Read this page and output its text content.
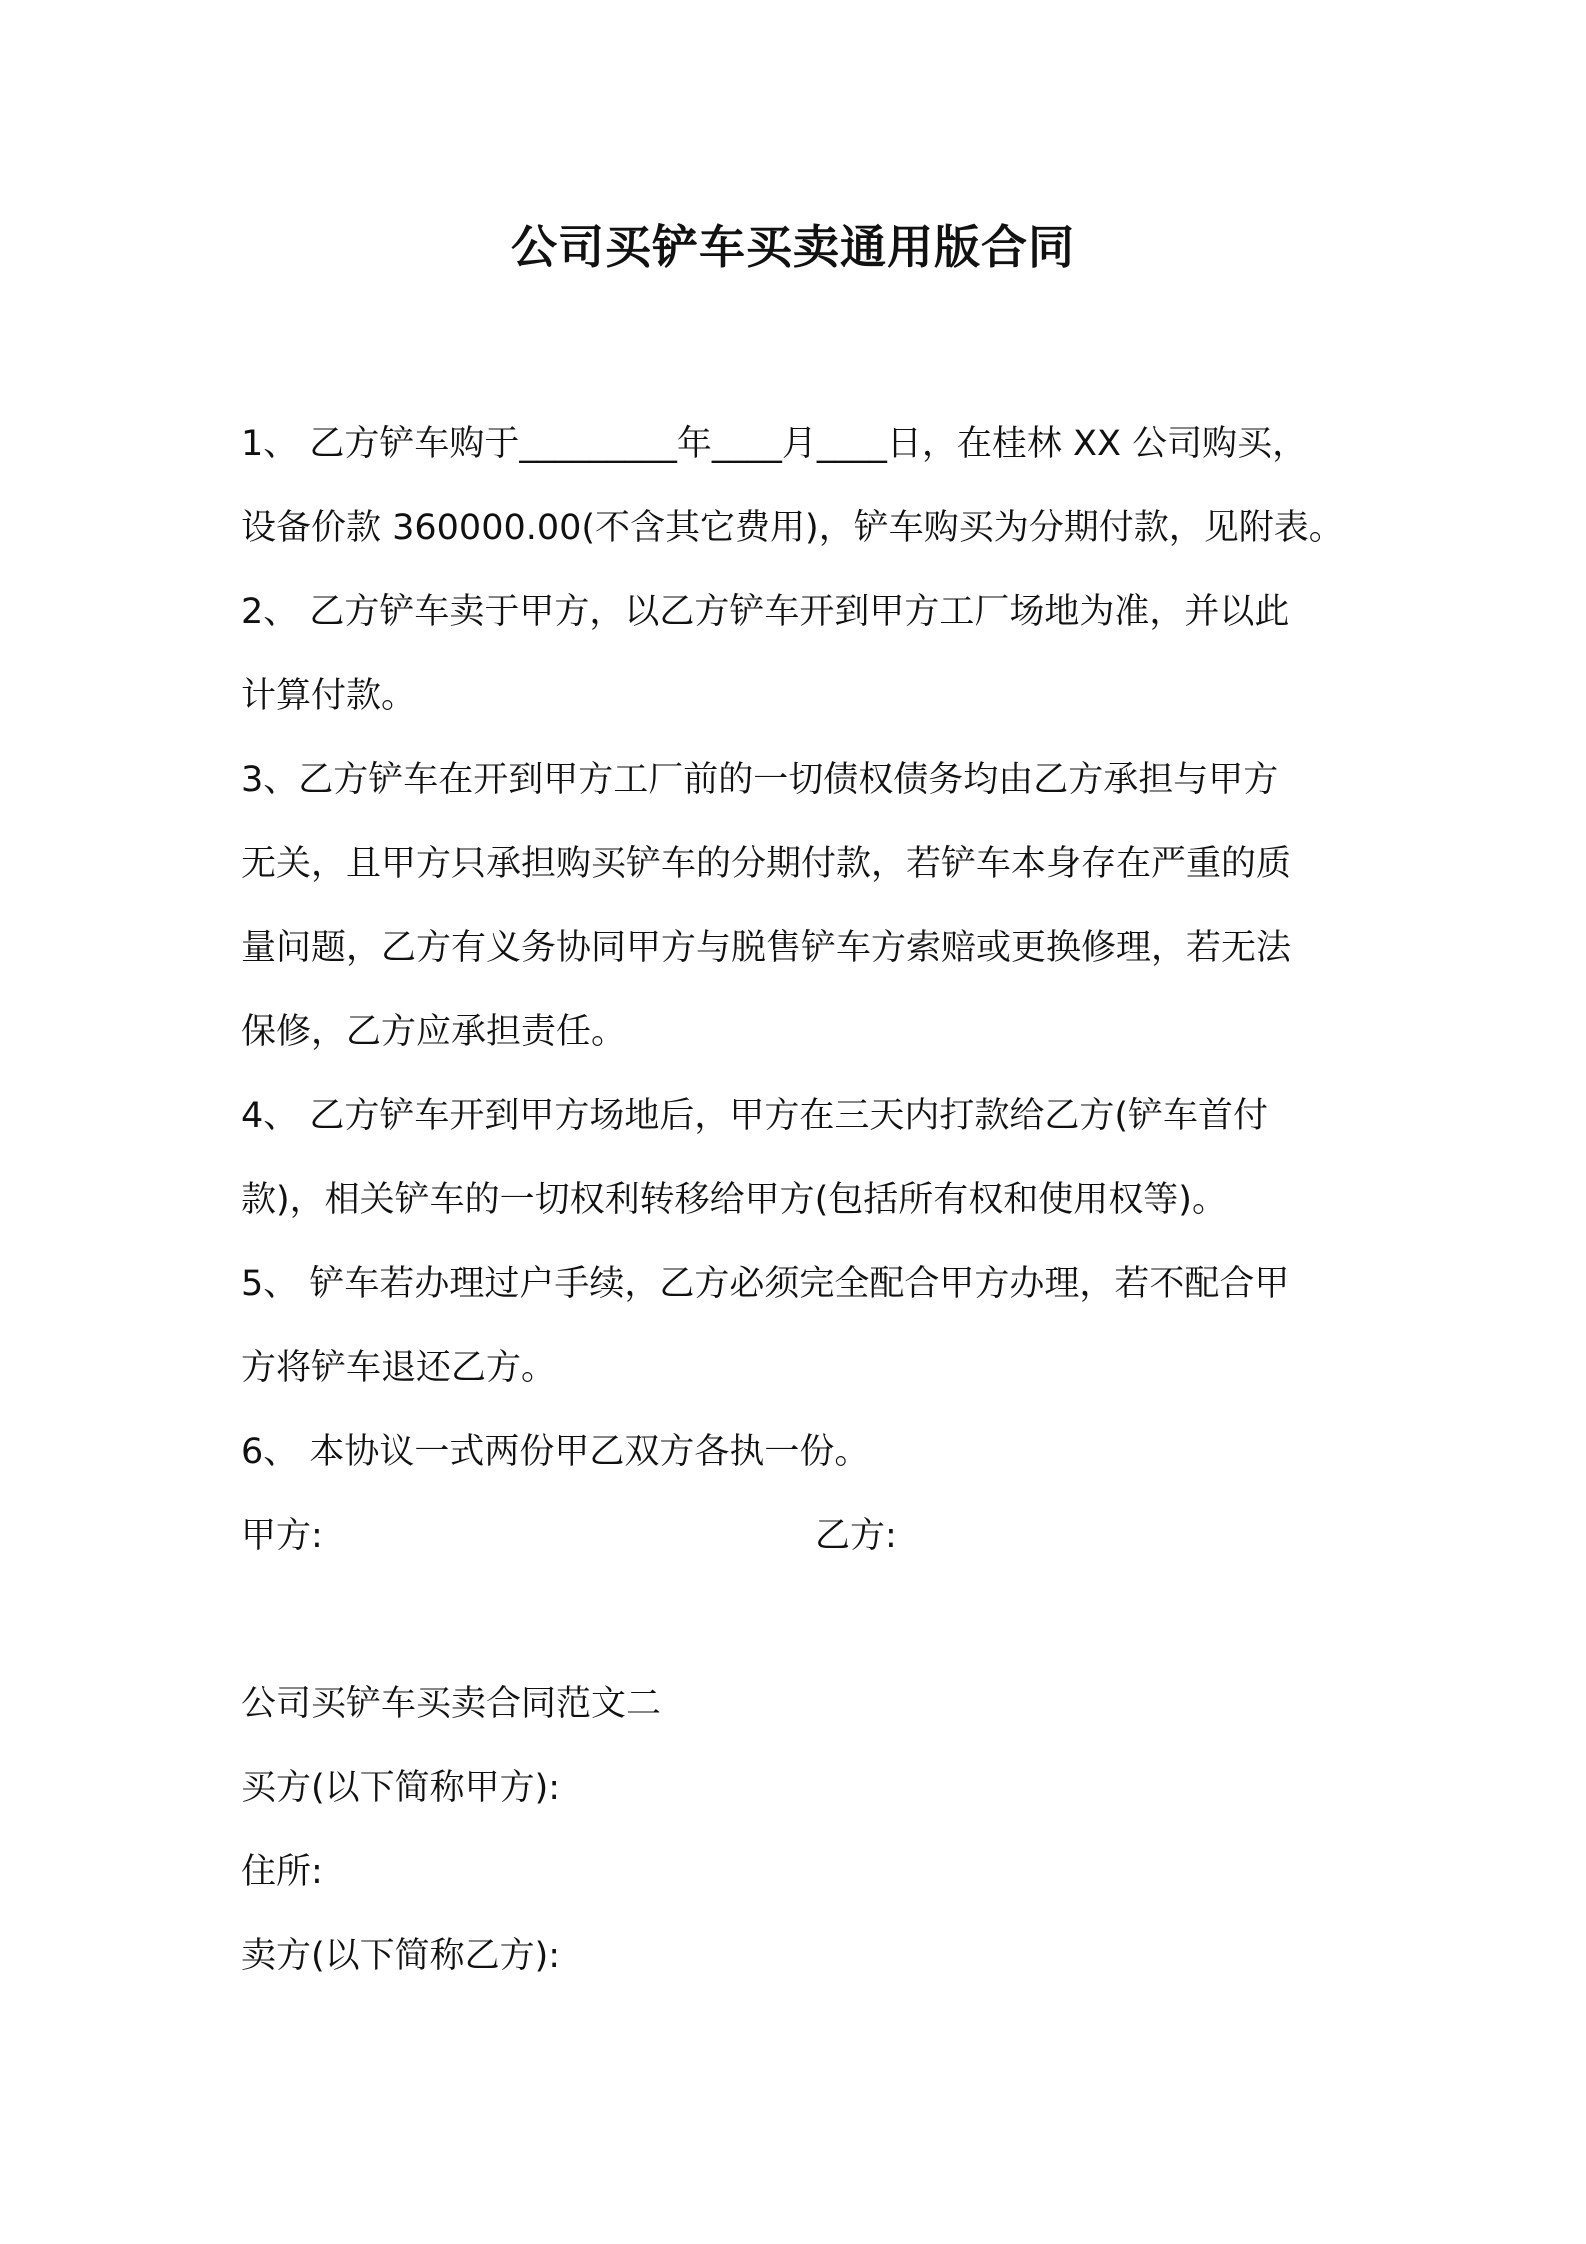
公司买铲车买卖通用版合同
1、 乙方铲车购于_________年____月____日，在桂林 XX 公司购买，
设备价款 360000.00(不含其它费用)，铲车购买为分期付款，见附表。
2、 乙方铲车卖于甲方，以乙方铲车开到甲方工厂场地为准，并以此
计算付款。
3、乙方铲车在开到甲方工厂前的一切债权债务均由乙方承担与甲方
无关，且甲方只承担购买铲车的分期付款，若铲车本身存在严重的质
量问题，乙方有义务协同甲方与脱售铲车方索赔或更换修理，若无法
保修，乙方应承担责任。
4、 乙方铲车开到甲方场地后，甲方在三天内打款给乙方(铲车首付
款)，相关铲车的一切权利转移给甲方(包括所有权和使用权等)。
5、 铲车若办理过户手续，乙方必须完全配合甲方办理，若不配合甲
方将铲车退还乙方。
6、 本协议一式两份甲乙双方各执一份。
甲方:	乙方:
公司买铲车买卖合同范文二
买方(以下简称甲方):
住所:
卖方(以下简称乙方):
